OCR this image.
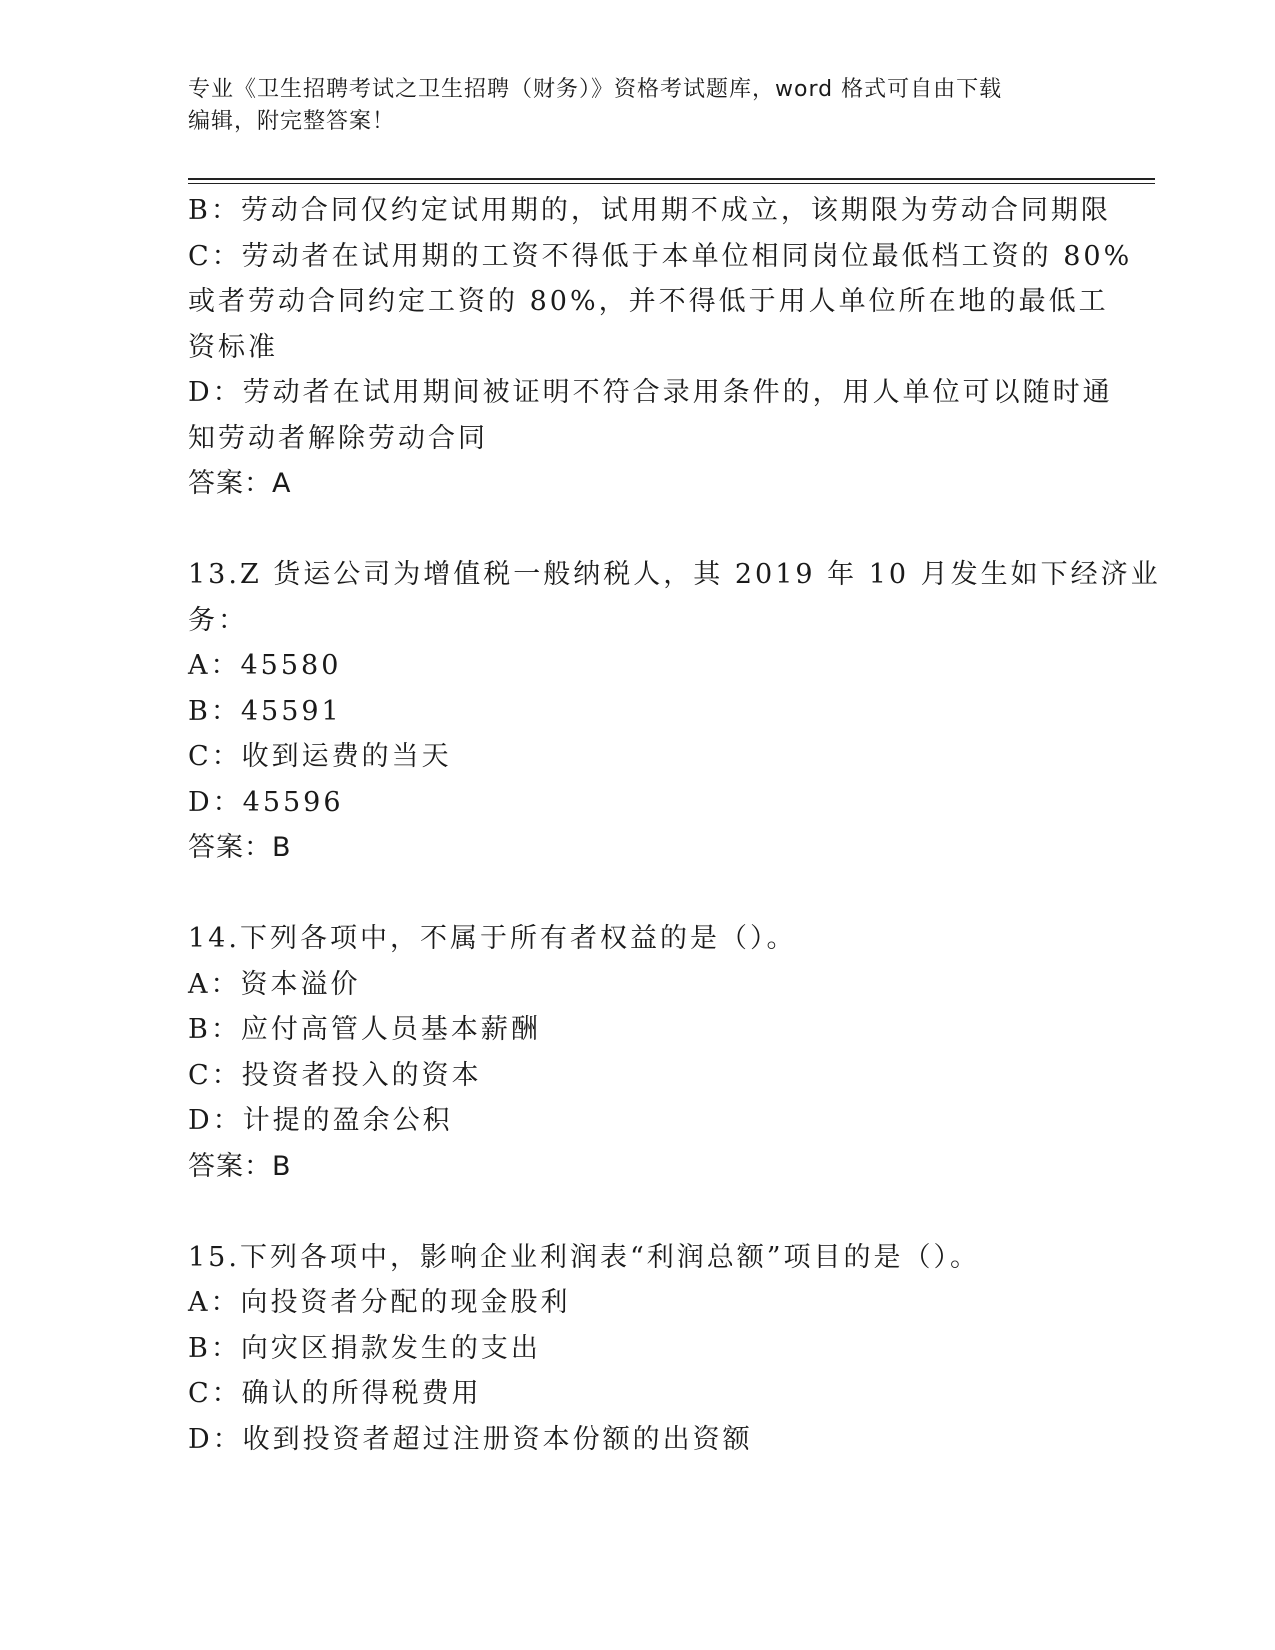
专业《卫生招聘考试之卫生招聘（财务）》资格考试题库，word 格式可自由下载
编辑，附完整答案！
B：劳动合同仅约定试用期的，试用期不成立，该期限为劳动合同期限
C：劳动者在试用期的工资不得低于本单位相同岗位最低档工资的 80%
或者劳动合同约定工资的 80%，并不得低于用人单位所在地的最低工
资标准
D：劳动者在试用期间被证明不符合录用条件的，用人单位可以随时通
知劳动者解除劳动合同
答案：A
13.Z 货运公司为增值税一般纳税人，其 2019 年 10 月发生如下经济业
务：
A：45580
B：45591
C：收到运费的当天
D：45596
答案：B
14.下列各项中，不属于所有者权益的是（）。
A：资本溢价
B：应付高管人员基本薪酬
C：投资者投入的资本
D：计提的盈余公积
答案：B
15.下列各项中，影响企业利润表“利润总额”项目的是（）。
A：向投资者分配的现金股利
B：向灾区捐款发生的支出
C：确认的所得税费用
D：收到投资者超过注册资本份额的出资额
